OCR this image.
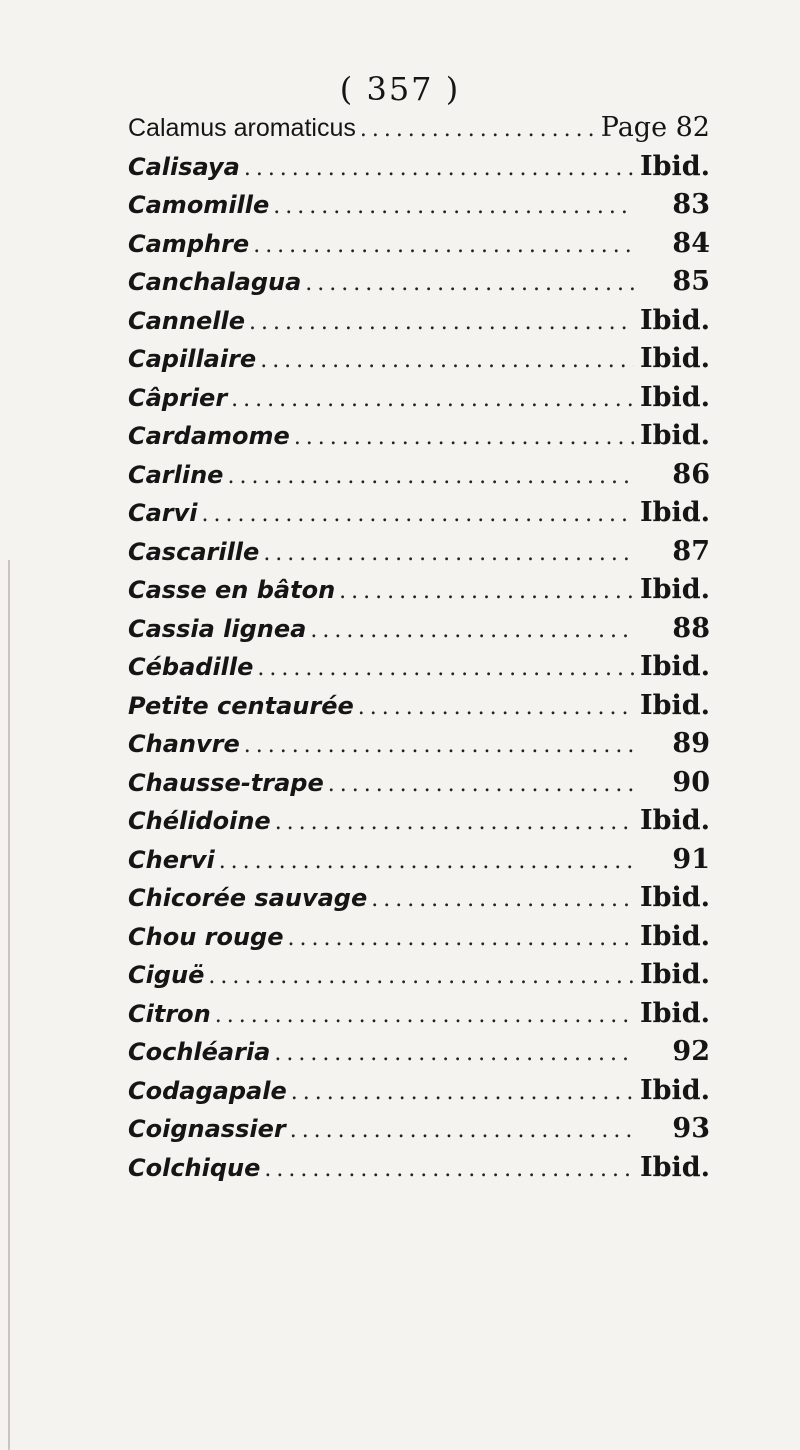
( 357 )
Calamus aromaticus . . .	Page 82
Calisaya . . .	Ibid.
Camomille . . .	83
Camphre . . .	84
Canchalagua . . .	85
Cannelle . . .	Ibid.
Capillaire . . .	Ibid.
Câprier . . .	Ibid.
Cardamome . . .	Ibid.
Carline . . .	86
Carvi . . .	Ibid.
Cascarille . . .	87
Casse en bâton . . .	Ibid.
Cassia lignea . . .	88
Cébadille . . .	Ibid.
Petite centaurée . . .	Ibid.
Chanvre . . .	89
Chausse-trape . . .	90
Chélidoine . . .	Ibid.
Chervi . . .	91
Chicorée sauvage . . .	Ibid.
Chou rouge . . .	Ibid.
Ciguë . . .	Ibid.
Citron . . .	Ibid.
Cochléaria . . .	92
Codagapale . . .	Ibid.
Coignassier . . .	93
Colchique . . .	Ibid.
